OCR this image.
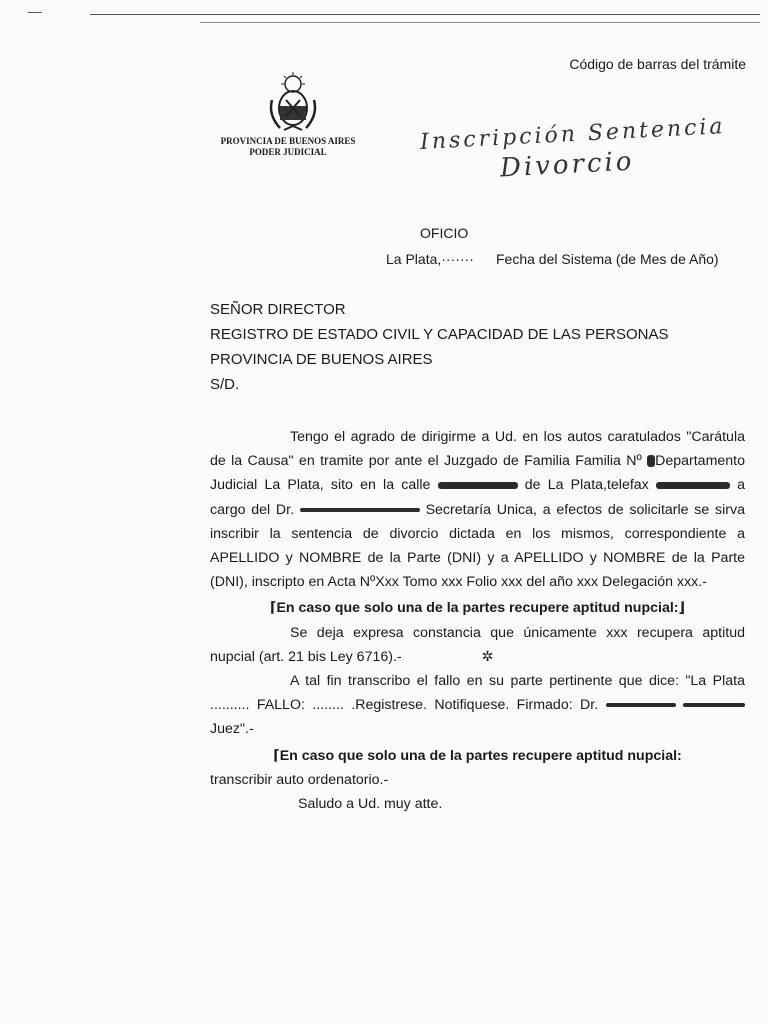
Código de barras del trámite
PROVINCIA DE BUENOS AIRES
PODER JUDICIAL	Inscripción Sentencia
Divorcio
OFICIO
La Plata,······· Fecha del Sistema (de Mes de Año)
SEÑOR DIRECTOR
REGISTRO DE ESTADO CIVIL Y CAPACIDAD DE LAS PERSONAS
PROVINCIA DE BUENOS AIRES
S/D.

Tengo el agrado de dirigirme a Ud. en los autos caratulados "Carátula de la Causa" en tramite por ante el Juzgado de Familia Familia Nº Departamento Judicial La Plata, sito en la calle	de La Plata,telefax	a cargo del Dr.	Secretaría Unica, a efectos de solicitarle se sirva inscribir la sentencia de divorcio dictada en los mismos, correspondiente a APELLIDO y NOMBRE de la Parte (DNI) y a APELLIDO y NOMBRE de la Parte (DNI), inscripto en Acta NºXxx Tomo xxx Folio xxx del año xxx Delegación xxx.-

⌈En caso que solo una de la partes recupere aptitud nupcial:⌋

Se deja expresa constancia que únicamente xxx recupera aptitud nupcial (art. 21 bis Ley 6716).-	✲

A tal fin transcribo el fallo en su parte pertinente que dice: "La Plata .......... FALLO: ........ .Registrese. Notifiquese. Firmado: Dr.  Juez".-

⌈En caso que solo una de la partes recupere aptitud nupcial:

transcribir auto ordenatorio.-

Saludo a Ud. muy atte.
